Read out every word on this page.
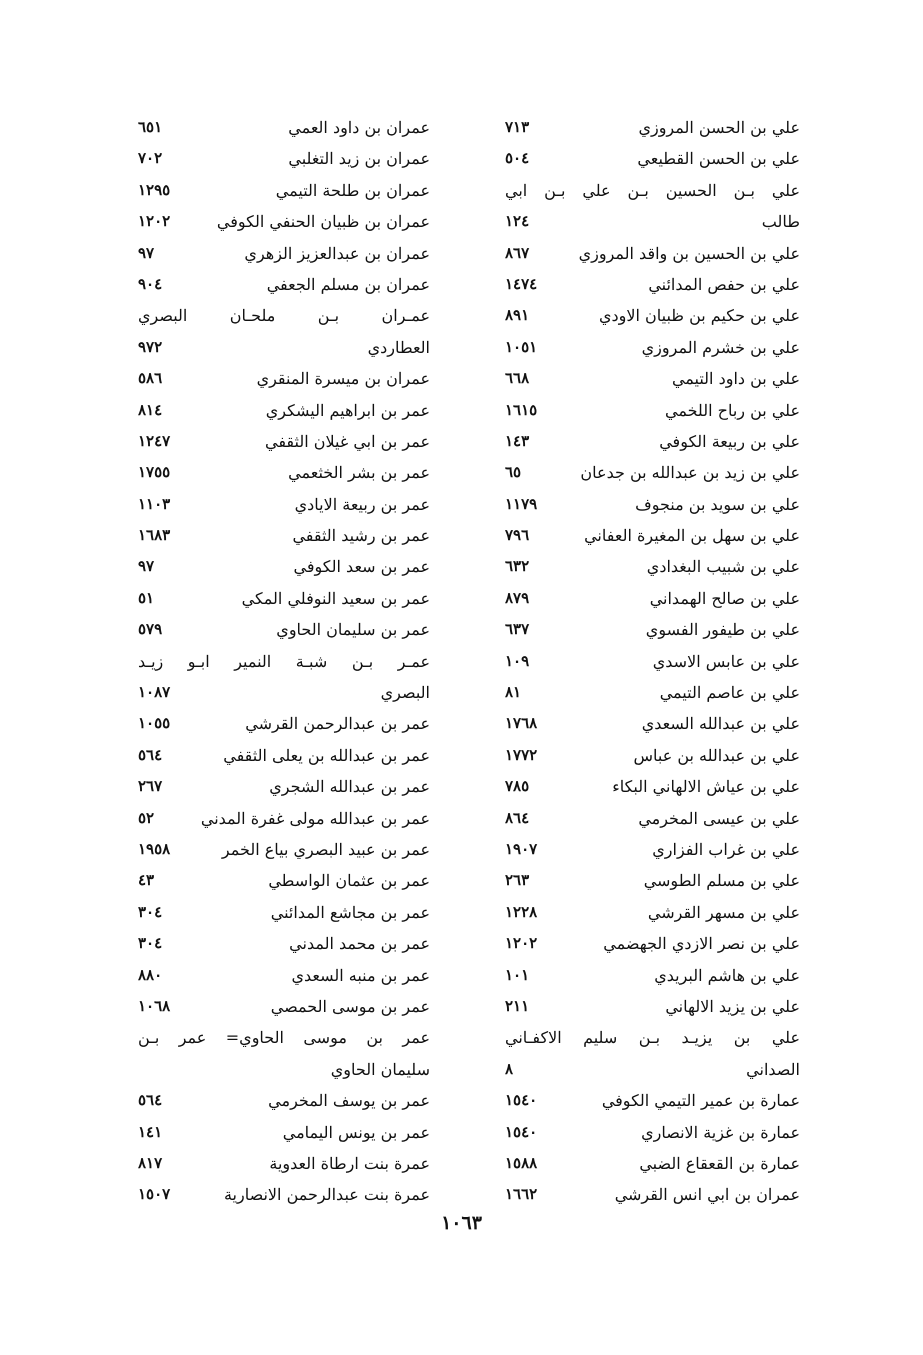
علي بن الحسن المروزي
٧١٣
علي بن الحسن القطيعي
٥٠٤
علي بـن الحسين بـن علي بـن ابي
طالب
١٢٤
علي بن الحسين بن واقد المروزي
٨٦٧
علي بن حفص المدائني
١٤٧٤
علي بن حكيم بن ظبيان الاودي
٨٩١
علي بن خشرم المروزي
١٠٥١
علي بن داود التيمي
٦٦٨
علي بن رباح اللخمي
١٦١٥
علي بن ربيعة الكوفي
١٤٣
علي بن زيد بن عبدالله بن جدعان
٦٥
علي بن سويد بن منجوف
١١٧٩
علي بن سهل بن المغيرة العفاني
٧٩٦
علي بن شبيب البغدادي
٦٣٢
علي بن صالح الهمداني
٨٧٩
علي بن طيفور الفسوي
٦٣٧
علي بن عابس الاسدي
١٠٩
علي بن عاصم التيمي
٨١
علي بن عبدالله السعدي
١٧٦٨
علي بن عبدالله بن عباس
١٧٧٢
علي بن عياش الالهاني البكاء
٧٨٥
علي بن عيسى المخرمي
٨٦٤
علي بن غراب الفزاري
١٩٠٧
علي بن مسلم الطوسي
٢٦٣
علي بن مسهر القرشي
١٢٢٨
علي بن نصر الازدي الجهضمي
١٢٠٢
علي بن هاشم البريدي
١٠١
علي بن يزيد الالهاني
٢١١
علي بن يزيـد بـن سليم الاكفـاني
الصداني
٨
عمارة بن عمير التيمي الكوفي
١٥٤٠
عمارة بن غزية الانصاري
١٥٤٠
عمارة بن القعقاع الضبي
١٥٨٨
عمران بن ابي انس القرشي
١٦٦٢
عمران بن داود العمي
٦٥١
عمران بن زيد التغلبي
٧٠٢
عمران بن طلحة التيمي
١٢٩٥
عمران بن ظبيان الحنفي الكوفي
١٢٠٢
عمران بن عبدالعزيز الزهري
٩٧
عمران بن مسلم الجعفي
٩٠٤
عمـران بـن ملحـان البصري
العطاردي
٩٧٢
عمران بن ميسرة المنقري
٥٨٦
عمر بن ابراهيم اليشكري
٨١٤
عمر بن ابي غيلان الثقفي
١٢٤٧
عمر بن بشر الخثعمي
١٧٥٥
عمر بن ربيعة الايادي
١١٠٣
عمر بن رشيد الثقفي
١٦٨٣
عمر بن سعد الكوفي
٩٧
عمر بن سعيد النوفلي المكي
٥١
عمر بن سليمان الحاوي
٥٧٩
عمـر بـن شبـة النمير ابـو زيـد
البصري
١٠٨٧
عمر بن عبدالرحمن القرشي
١٠٥٥
عمر بن عبدالله بن يعلى الثقفي
٥٦٤
عمر بن عبدالله الشجري
٢٦٧
عمر بن عبدالله مولى غفرة المدني
٥٢
عمر بن عبيد البصري بياع الخمر
١٩٥٨
عمر بن عثمان الواسطي
٤٣
عمر بن مجاشع المدائني
٣٠٤
عمر بن محمد المدني
٣٠٤
عمر بن منبه السعدي
٨٨٠
عمر بن موسى الحمصي
١٠٦٨
عمر بن موسى الحاوي= عمر بـن
سليمان الحاوي
عمر بن يوسف المخرمي
٥٦٤
عمر بن يونس اليمامي
١٤١
عمرة بنت ارطاة العدوية
٨١٧
عمرة بنت عبدالرحمن الانصارية
١٥٠٧
١٠٦٣
